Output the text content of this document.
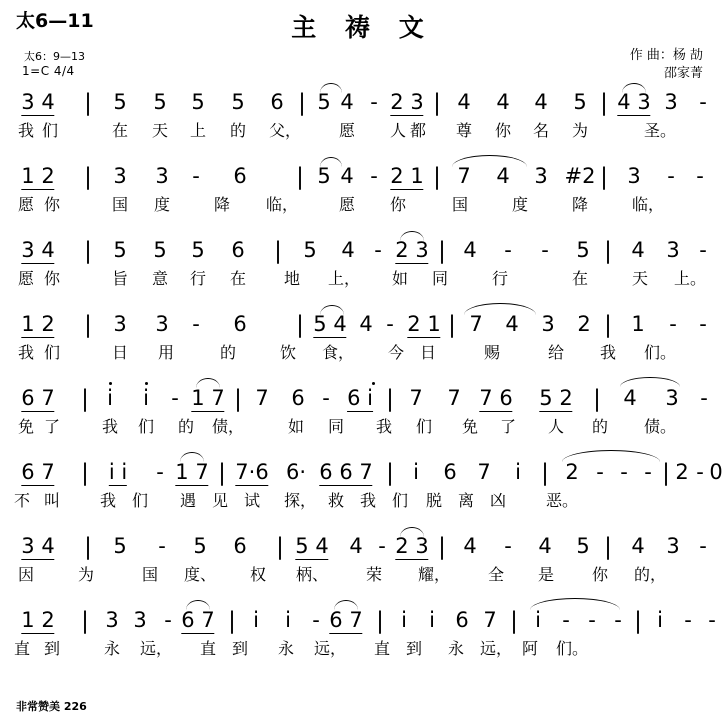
太6—11	主 祷 文
太6：9—13
1=C 4/4
作 曲：杨 劼
邵家菁
3 4 | 5 5 5 5 6 | 5 4 - 2 3 | 4 4 4 5 | 4 3 3 -
我 们	在 天 上 的 父， 愿 人 都 尊 你 名 为	圣。
1 2 | 3 3 - 6 | 5 4 - 2 1 | 7 4 3 #2 | 3 - -
愿 你	国 度	降 临，	愿 你	国	度	降	临，
3 4 | 5 5 5 6 | 5 4 - 2 3 | 4 - - 5 | 4 3 -
愿 你	旨 意 行 在 地 上， 如 同	行	在	天 上。
1 2 | 3 3 - 6 | 5 4 4 - 2 1 | 7 4 3 2 | 1 - -
我 们	日 用	的	饮 食， 今 日	赐	给 我 们。
6 7 | i i - 1 7 | 7 6 - 6 i | 7 7 7 6 5 2 | 4 3 -
免 了	我 们 的 债，	如 同 我 们 免 了 人 的 债。
6 7 | i i - 1 7 | 7·6 6· 6 6 7 | i 6 7 i | 2 - - - | 2 - 0
不 叫 我 们 遇 见 试 探， 救 我 们 脱 离 凶 恶。
3 4 | 5 - 5 6 | 5 4 4 - 2 3 | 4 - 4 5 | 4 3 -
因	为	国 度、 权 柄、 荣 耀， 全 是 你 的，
1 2 | 3 3 - 6 7 | i i - 6 7 | i i 6 7 | i - - - | i - -
直 到	永 远， 直 到 永 远， 直 到 永 远， 阿 们。
非常赞美 226
